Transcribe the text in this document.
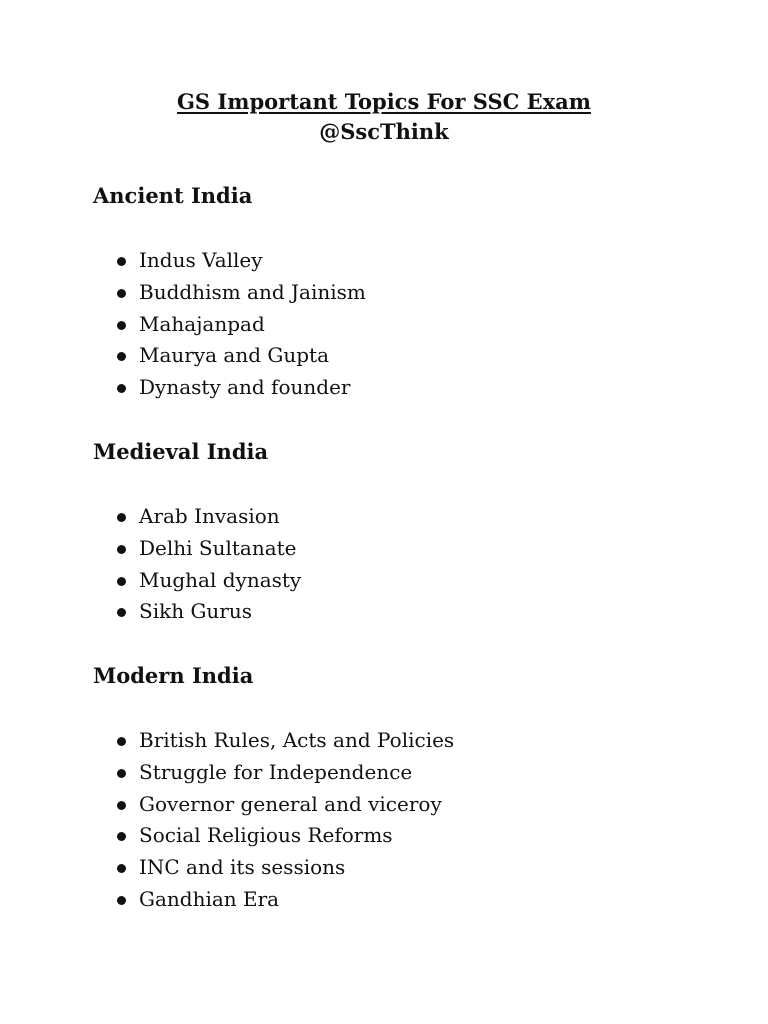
GS Important Topics For SSC Exam
@SscThink
Ancient India
Indus Valley
Buddhism and Jainism
Mahajanpad
Maurya and Gupta
Dynasty and founder
Medieval India
Arab Invasion
Delhi Sultanate
Mughal dynasty
Sikh Gurus
Modern India
British Rules, Acts and Policies
Struggle for Independence
Governor general and viceroy
Social Religious Reforms
INC and its sessions
Gandhian Era
